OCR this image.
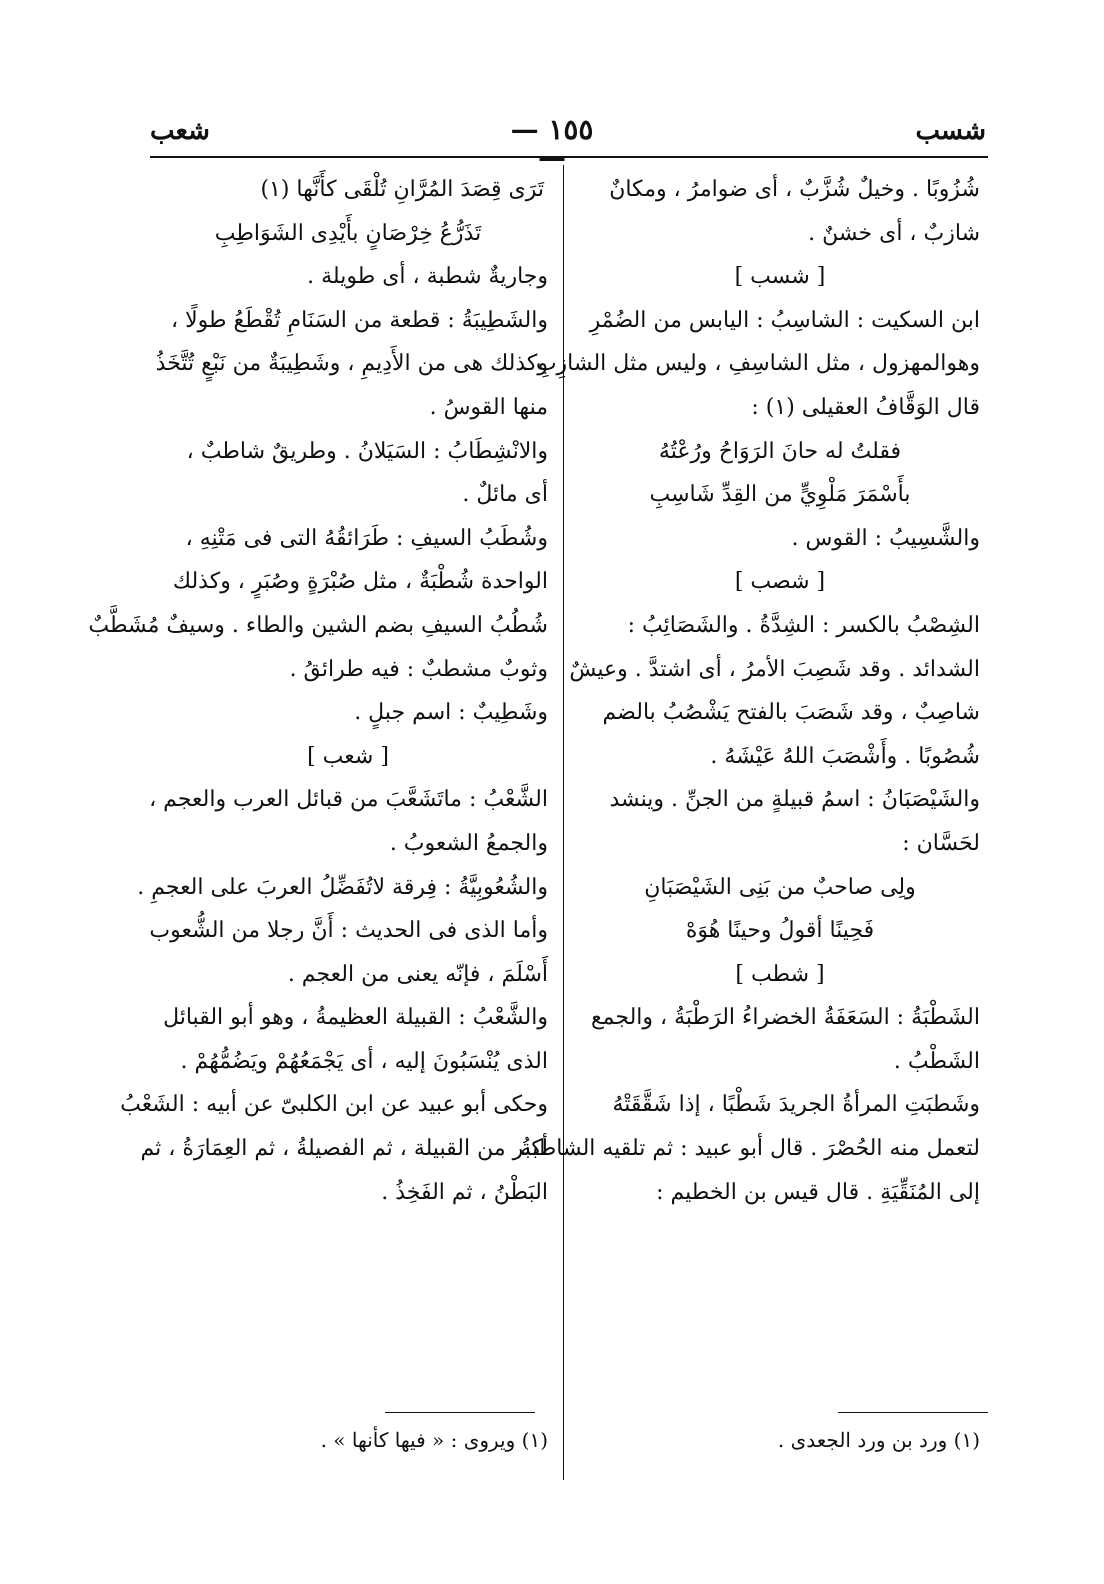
شسب
— ١٥٥ —
شعب
شُزُوبًا . وخيلٌ شُزَّبٌ ، أى ضوامرُ ، ومكانٌ
شازبٌ ، أى خشنٌ .
[ شسب ]
ابن السكيت : الشاسِبُ : اليابس من الضُمْرِ
وهوالمهزول ، مثل الشاسِفِ ، وليس مثل الشازِبِ .
قال الوَقَّافُ العقيلى (١) :
فقلتُ له حانَ الرَوَاحُ ورُعْتُهُ
بأَسْمَرَ مَلْوِيٍّ من القِدِّ شَاسِبِ
والشَّسِيبُ : القوس .
[ شصب ]
الشِصْبُ بالكسر : الشِدَّةُ . والشَصَائِبُ :
الشدائد . وقد شَصِبَ الأمرُ ، أى اشتدَّ . وعيشٌ
شاصِبٌ ، وقد شَصَبَ بالفتح يَشْصُبُ بالضم
شُصُوبًا . وأَشْصَبَ اللهُ عَيْشَهُ .
والشَيْصَبَانُ : اسمُ قبيلةٍ من الجنِّ . وينشد
لحَسَّان :
ولِى صاحبٌ من بَنِى الشَيْصَبَانِ
فَحِينًا أقولُ وحينًا هُوَهْ
[ شطب ]
الشَطْبَةُ : السَعَفَةُ الخضراءُ الرَطْبَةُ ، والجمع
الشَطْبُ .
وشَطبَتِ المرأةُ الجريدَ شَطْبًا ، إذا شَقَّقَتْهُ
لتعمل منه الحُصْرَ . قال أبو عبيد : ثم تلقيه الشاطبةُ
إلى المُنَقِّيَةِ . قال قيس بن الخطيم :
تَرَى قِصَدَ المُرَّانِ تُلْقَى كأَنَّها (١)
تَذَرُّعُ خِرْصَانٍ بأَيْدِى الشَوَاطِبِ
وجاريةٌ شطبة ، أى طويلة .
والشَطِيبَةُ : قطعة من السَنَامِ تُقْطَعُ طولًا ،
وكذلك هى من الأَدِيمِ ، وشَطِيبَةٌ من نَبْعٍ تُتَّخَذُ
منها القوسُ .
والانْشِطَابُ : السَيَلانُ . وطريقٌ شاطبٌ ،
أى مائلٌ .
وشُطَبُ السيفِ : طَرَائقُهُ التى فى مَتْنِهِ ،
الواحدة شُطْبَةٌ ، مثل صُبْرَةٍ وصُبَرٍ ، وكذلك
شُطُبُ السيفِ بضم الشين والطاء . وسيفٌ مُشَطَّبٌ
وثوبٌ مشطبٌ : فيه طرائقُ .
وشَطِيبٌ : اسم جبلٍ .
[ شعب ]
الشَّعْبُ : ماتَشَعَّبَ من قبائل العرب والعجم ،
والجمعُ الشعوبُ .
والشُعُوبِيَّةُ : فِرقة لاتُفَضِّلُ العربَ على العجمِ .
وأما الذى فى الحديث : أَنَّ رجلا من الشُّعوب
أَسْلَمَ ، فإنّه يعنى من العجم .
والشَّعْبُ : القبيلة العظيمةُ ، وهو أبو القبائل
الذى يُنْسَبُونَ إليه ، أى يَجْمَعُهُمْ ويَضُمُّهُمْ .
وحكى أبو عبيد عن ابن الكلبىّ عن أبيه : الشَعْبُ
أكبر من القبيلة ، ثم الفصيلةُ ، ثم العِمَارَةُ ، ثم
البَطْنُ ، ثم الفَخِذُ .
(١) ورد بن ورد الجعدى .
(١) ويروى : « فيها كأنها » .
